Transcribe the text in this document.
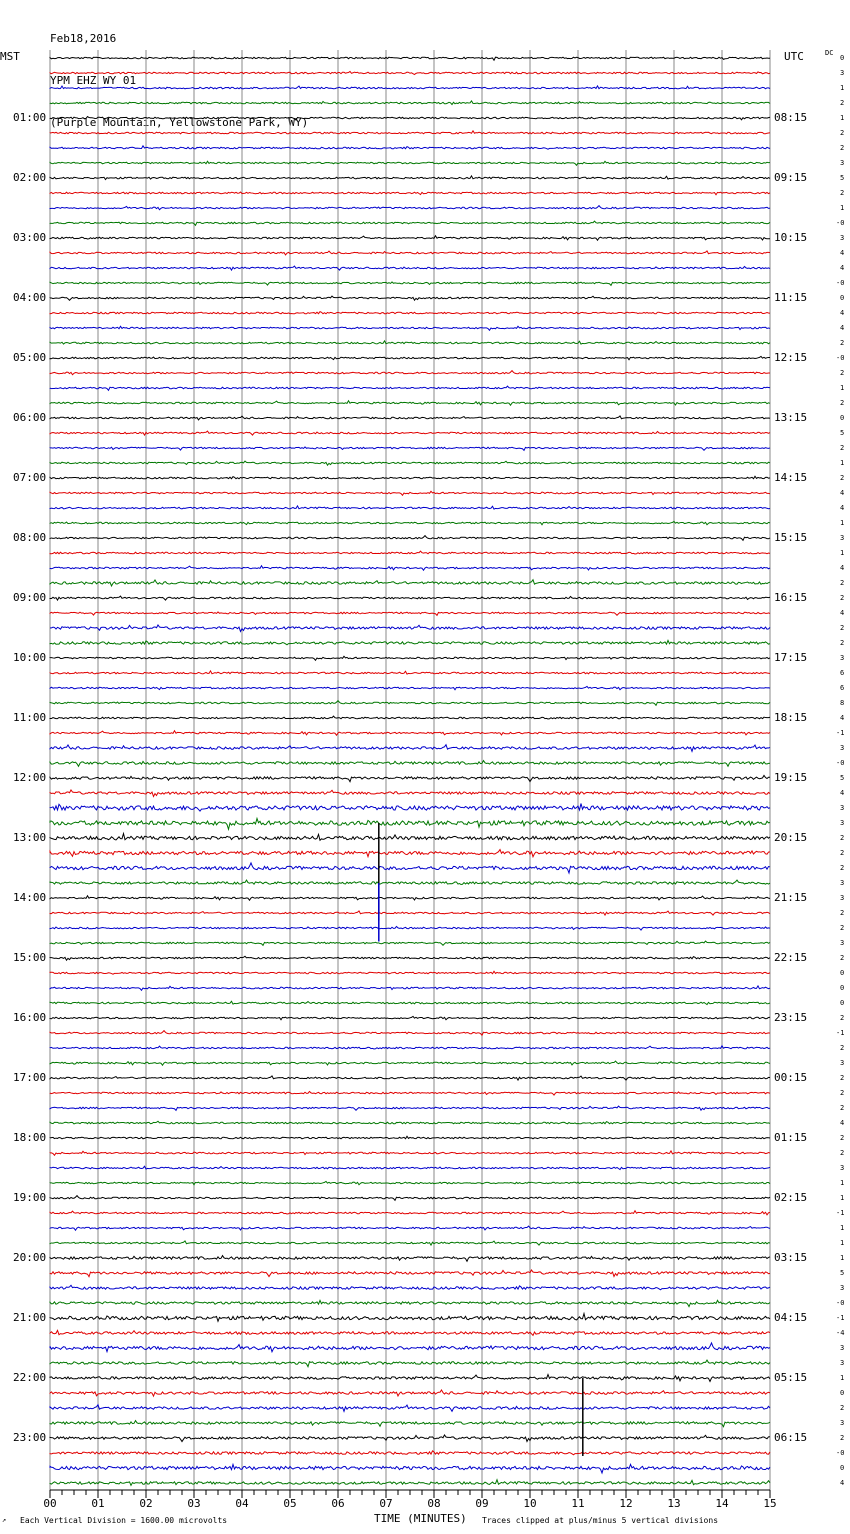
Feb18,2016

YPM EHZ WY 01

(Purple Mountain, Yellowstone Park, WY)

MST	UTC	DC
00	01	02	03	04	05	06	07	08	09	10	11	12	13	14	15
01:00
02:00
03:00
04:00
05:00
06:00
07:00
08:00
09:00
10:00
11:00
12:00
13:00
14:00
15:00
16:00
17:00
18:00
19:00
20:00
21:00
22:00
23:00
08:15
09:15
10:15
11:15
12:15
13:15
14:15
15:15
16:15
17:15
18:15
19:15
20:15
21:15
22:15
23:15
00:15
01:15
02:15
03:15
04:15
05:15
06:15
0
3
1
2
1
2
2
3
5
2
1
-0
3
4
4
-0
0
4
4
2
-0
2
1
2
0
5
2
1
2
4
4
1
3
1
4
2
2
4
2
2
3
6
6
8
4
-1
3
-0
5
4
3
3
2
2
2
3
3
2
2
3
2
0
0
0
2
-1
2
3
2
2
2
4
2
2
3
1
1
-1
1
1
1
5
3
-0
-1
-4
3
3
1
0
2
3
2
-0
0
4
↗ Each Vertical Division = 1600.00 microvolts	TIME (MINUTES) Traces clipped at plus/minus 5 vertical divisions
